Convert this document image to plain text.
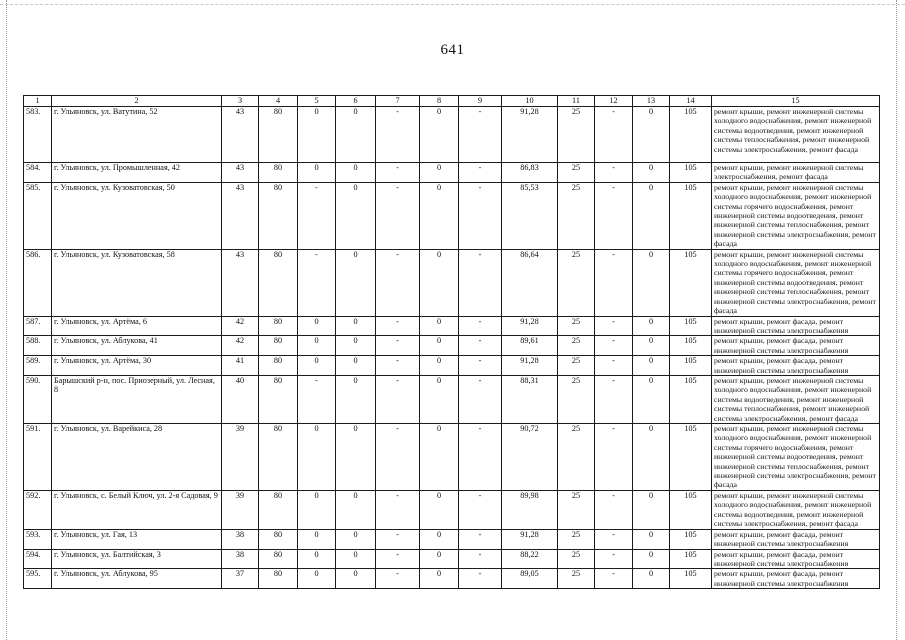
641
1	2	3	4	5	6	7	8	9	10	11	12	13	14	15
583.	г. Ульяновск, ул. Ватутина, 52	43	80	0	0	-	0	-	91,28	25	-	0	105	ремонт крыши, ремонт инженерной системы холодного водоснабжения, ремонт инженерной системы водоотведения, ремонт инженерной системы теплоснабжения, ремонт инженерной системы электроснабжения, ремонт фасада
584.	г. Ульяновск, ул. Промышленная, 42	43	80	0	0	-	0	-	86,83	25	-	0	105	ремонт крыши, ремонт инженерной системы электроснабжения, ремонт фасада
585.	г. Ульяновск, ул. Кузоватовская, 50	43	80	-	0	-	0	-	85,53	25	-	0	105	ремонт крыши, ремонт инженерной системы холодного водоснабжения, ремонт инженерной системы горячего водоснабжения, ремонт инженерной системы водоотведения, ремонт инженерной системы теплоснабжения, ремонт инженерной системы электроснабжения, ремонт фасада
586.	г. Ульяновск, ул. Кузоватовская, 58	43	80	-	0	-	0	-	86,64	25	-	0	105	ремонт крыши, ремонт инженерной системы холодного водоснабжения, ремонт инженерной системы горячего водоснабжения, ремонт инженерной системы водоотведения, ремонт инженерной системы теплоснабжения, ремонт инженерной системы электроснабжения, ремонт фасада
587.	г. Ульяновск, ул. Артёма, 6	42	80	0	0	-	0	-	91,28	25	-	0	105	ремонт крыши, ремонт фасада, ремонт инженерной системы электроснабжения
588.	г. Ульяновск, ул. Аблукова, 41	42	80	0	0	-	0	-	89,61	25	-	0	105	ремонт крыши, ремонт фасада, ремонт инженерной системы электроснабжения
589.	г. Ульяновск, ул. Артёма, 30	41	80	0	0	-	0	-	91,28	25	-	0	105	ремонт крыши, ремонт фасада, ремонт инженерной системы электроснабжения
590.	Барышский р-н, пос. Приозерный, ул. Лесная, 8	40	80	-	0	-	0	-	88,31	25	-	0	105	ремонт крыши, ремонт инженерной системы холодного водоснабжения, ремонт инженерной системы водоотведения, ремонт инженерной системы теплоснабжения, ремонт инженерной системы электроснабжения, ремонт фасада
591.	г. Ульяновск, ул. Варейкиса, 28	39	80	0	0	-	0	-	90,72	25	-	0	105	ремонт крыши, ремонт инженерной системы холодного водоснабжения, ремонт инженерной системы горячего водоснабжения, ремонт инженерной системы водоотведения, ремонт инженерной системы теплоснабжения, ремонт инженерной системы электроснабжения, ремонт фасада
592.	г. Ульяновск, с. Белый Ключ, ул. 2-я Садовая, 9	39	80	0	0	-	0	-	89,98	25	-	0	105	ремонт крыши, ремонт инженерной системы холодного водоснабжения, ремонт инженерной системы водоотведения, ремонт инженерной системы электроснабжения, ремонт фасада
593.	г. Ульяновск, ул. Гая, 13	38	80	0	0	-	0	-	91,28	25	-	0	105	ремонт крыши, ремонт фасада, ремонт инженерной системы электроснабжения
594.	г. Ульяновск, ул. Балтийская, 3	38	80	0	0	-	0	-	88,22	25	-	0	105	ремонт крыши, ремонт фасада, ремонт инженерной системы электроснабжения
595.	г. Ульяновск, ул. Аблукова, 95	37	80	0	0	-	0	-	89,05	25	-	0	105	ремонт крыши, ремонт фасада, ремонт инженерной системы электроснабжения
